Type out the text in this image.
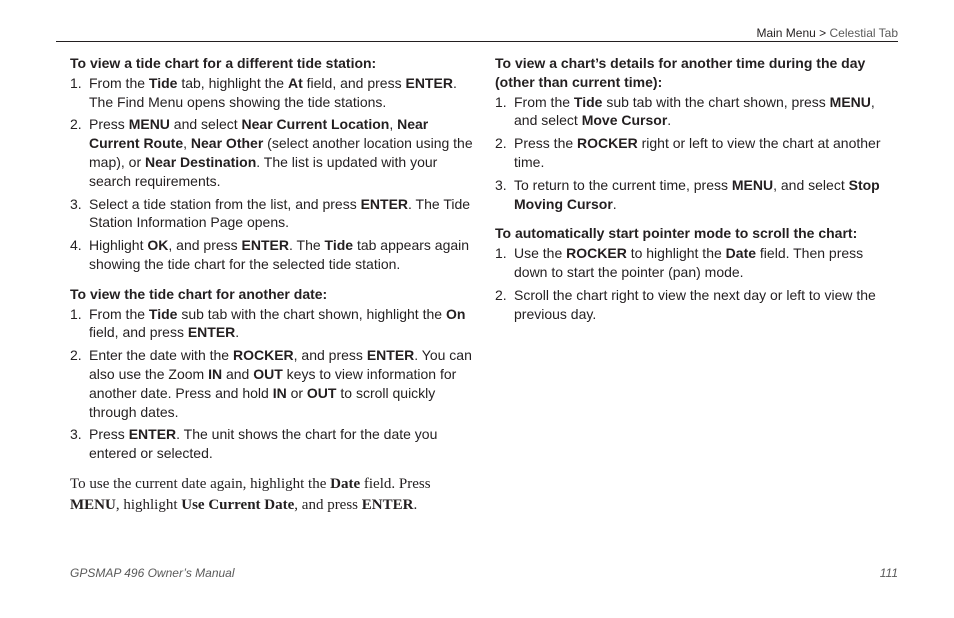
Main Menu > Celestial Tab
To view a tide chart for a different tide station:
1. From the Tide tab, highlight the At field, and press ENTER. The Find Menu opens showing the tide stations.
2. Press MENU and select Near Current Location, Near Current Route, Near Other (select another location using the map), or Near Destination. The list is updated with your search requirements.
3. Select a tide station from the list, and press ENTER. The Tide Station Information Page opens.
4. Highlight OK, and press ENTER. The Tide tab appears again showing the tide chart for the selected tide station.
To view the tide chart for another date:
1. From the Tide sub tab with the chart shown, highlight the On field, and press ENTER.
2. Enter the date with the ROCKER, and press ENTER. You can also use the Zoom IN and OUT keys to view information for another date. Press and hold IN or OUT to scroll quickly through dates.
3. Press ENTER. The unit shows the chart for the date you entered or selected.
To use the current date again, highlight the Date field. Press MENU, highlight Use Current Date, and press ENTER.
To view a chart’s details for another time during the day (other than current time):
1. From the Tide sub tab with the chart shown, press MENU, and select Move Cursor.
2. Press the ROCKER right or left to view the chart at another time.
3. To return to the current time, press MENU, and select Stop Moving Cursor.
To automatically start pointer mode to scroll the chart:
1. Use the ROCKER to highlight the Date field. Then press down to start the pointer (pan) mode.
2. Scroll the chart right to view the next day or left to view the previous day.
GPSMAP 496 Owner’s Manual	111
